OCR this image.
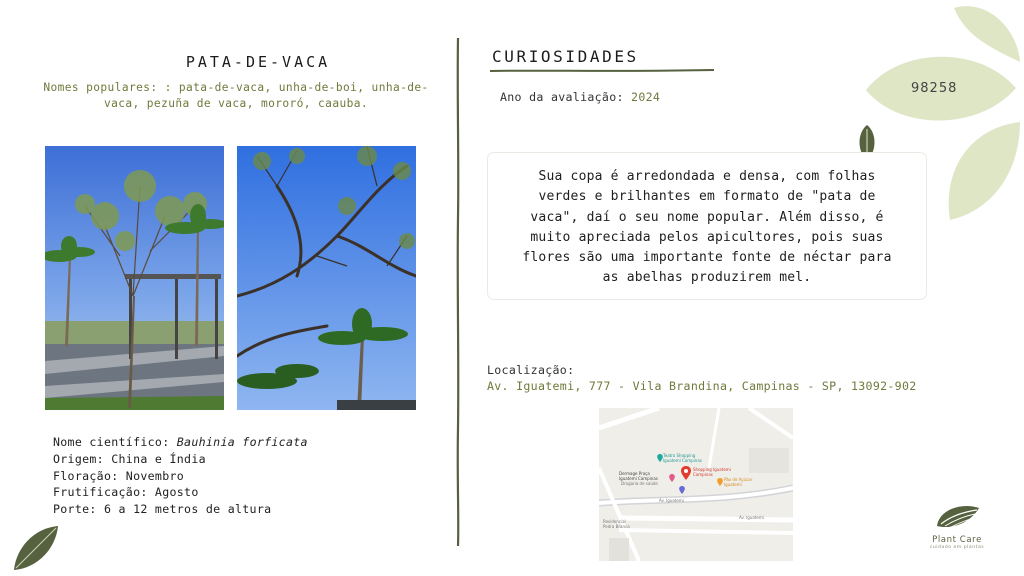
98258
PATA-DE-VACA
Nomes populares: : pata-de-vaca, unha-de-boi, unha-de-vaca, pezuña de vaca, mororó, caauba.
Nome científico: Bauhinia forficata
Origem: China e Índia
Floração: Novembro
Frutificação: Agosto
Porte: 6 a 12 metros de altura
CURIOSIDADES
Ano da avaliação: 2024
Sua copa é arredondada e densa, com folhas verdes e brilhantes em formato de "pata de vaca", daí o seu nome popular. Além disso, é muito apreciada pelos apicultores, pois suas flores são uma importante fonte de néctar para as abelhas produzirem mel.
Localização:
Av. Iguatemi, 777 - Vila Brandina, Campinas - SP, 13092-902
Teatro Shopping Iguatemi Campinas
Dermage Praça Iguatemi Campinas
Drogaria de saúde
Shopping Iguatemi Campinas
Pão de Açúcar Iguatemi
Av. Iguatemi
Av. Iguatemi
Residencial Pedra Branca
Plant Care
cuidado em plantas
